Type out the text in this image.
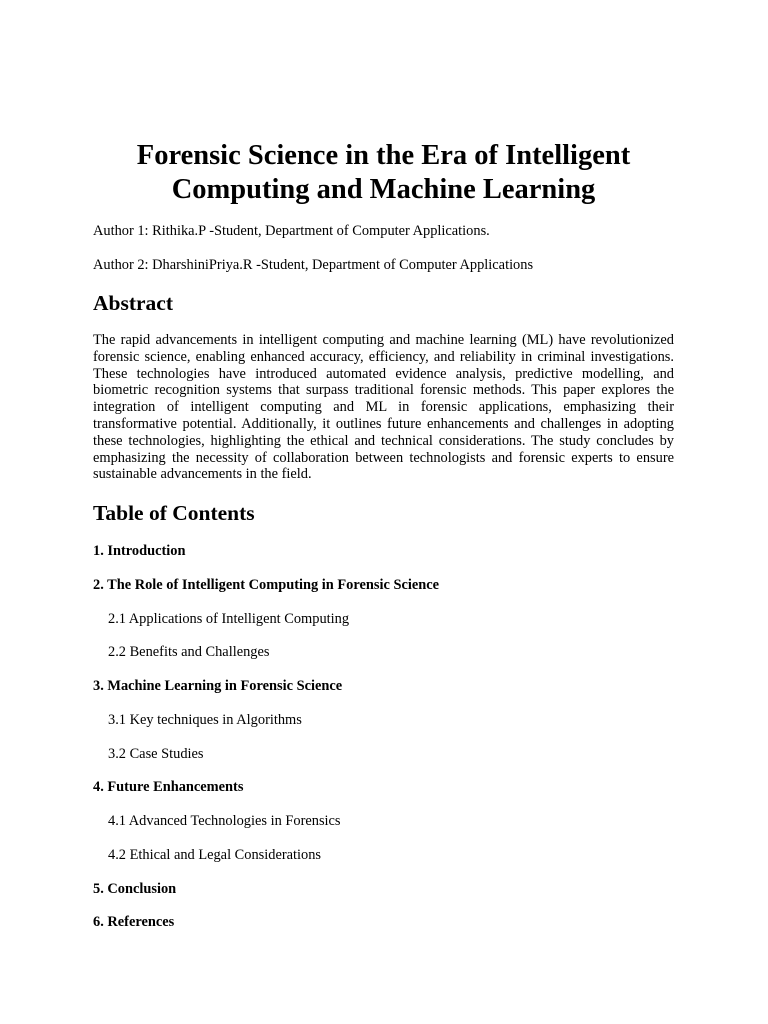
Forensic Science in the Era of Intelligent
Computing and Machine Learning

Author 1: Rithika.P -Student, Department of Computer Applications.

Author 2: DharshiniPriya.R -Student, Department of Computer Applications

Abstract

The rapid advancements in intelligent computing and machine learning (ML) have revolutionized forensic science, enabling enhanced accuracy, efficiency, and reliability in criminal investigations. These technologies have introduced automated evidence analysis, predictive modelling, and biometric recognition systems that surpass traditional forensic methods. This paper explores the integration of intelligent computing and ML in forensic applications, emphasizing their transformative potential. Additionally, it outlines future enhancements and challenges in adopting these technologies, highlighting the ethical and technical considerations. The study concludes by emphasizing the necessity of collaboration between technologists and forensic experts to ensure sustainable advancements in the field.

Table of Contents

1. Introduction

2. The Role of Intelligent Computing in Forensic Science

2.1 Applications of Intelligent Computing

2.2 Benefits and Challenges

3. Machine Learning in Forensic Science

3.1 Key techniques in Algorithms

3.2 Case Studies

4. Future Enhancements

4.1 Advanced Technologies in Forensics

4.2 Ethical and Legal Considerations

5. Conclusion

6. References
